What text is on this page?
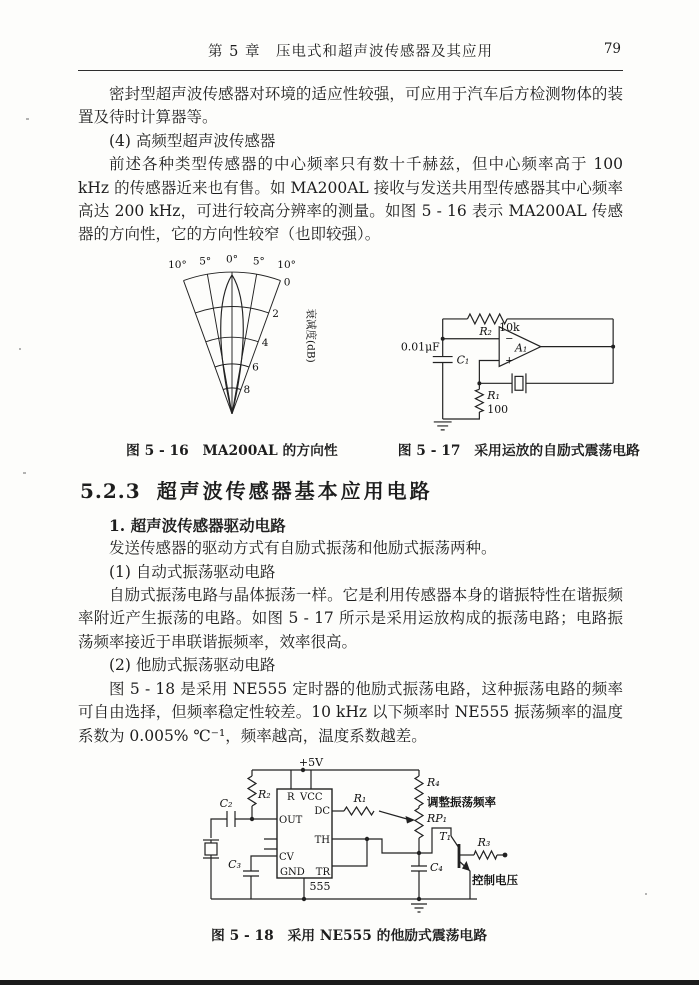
第 5 章　压电式和超声波传感器及其应用	79

密封型超声波传感器对环境的适应性较强，可应用于汽车后方检测物体的装置及待时计算器等。

(4) 高频型超声波传感器

前述各种类型传感器的中心频率只有数十千赫兹，但中心频率高于 100 kHz 的传感器近来也有售。如 MA200AL 接收与发送共用型传感器其中心频率高达 200 kHz，可进行较高分辨率的测量。如图 5 - 16 表示 MA200AL 传感器的方向性，它的方向性较窄（也即较强）。

10° 5° 0° 5° 10°
0
2
4
6
8
衰减度(dB)
图 5 - 16　MA200AL 的方向性
−
+
A₁
R₂ 10k
0.01μF
C₁
R₁
100
图 5 - 17　采用运放的自励式震荡电路
5.2.3 超声波传感器基本应用电路

1. 超声波传感器驱动电路

发送传感器的驱动方式有自励式振荡和他励式振荡两种。

(1) 自动式振荡驱动电路

自励式振荡电路与晶体振荡一样。它是利用传感器本身的谐振特性在谐振频率附近产生振荡的电路。如图 5 - 17 所示是采用运放构成的振荡电路；电路振荡频率接近于串联谐振频率，效率很高。

(2) 他励式振荡驱动电路

图 5 - 18 是采用 NE555 定时器的他励式振荡电路，这种振荡电路的频率可自由选择，但频率稳定性较差。10 kHz 以下频率时 NE555 振荡频率的温度系数为 0.005% ℃⁻¹，频率越高，温度系数越差。

+5V
R₂
C₂
C₃	C₄
R₄
RP₁
调整振荡频率
R₁
T₁ R₃
控制电压
555
R VCC
DC
OUT
TH
CV
GND TR
图 5 - 18　采用 NE555 的他励式震荡电路
